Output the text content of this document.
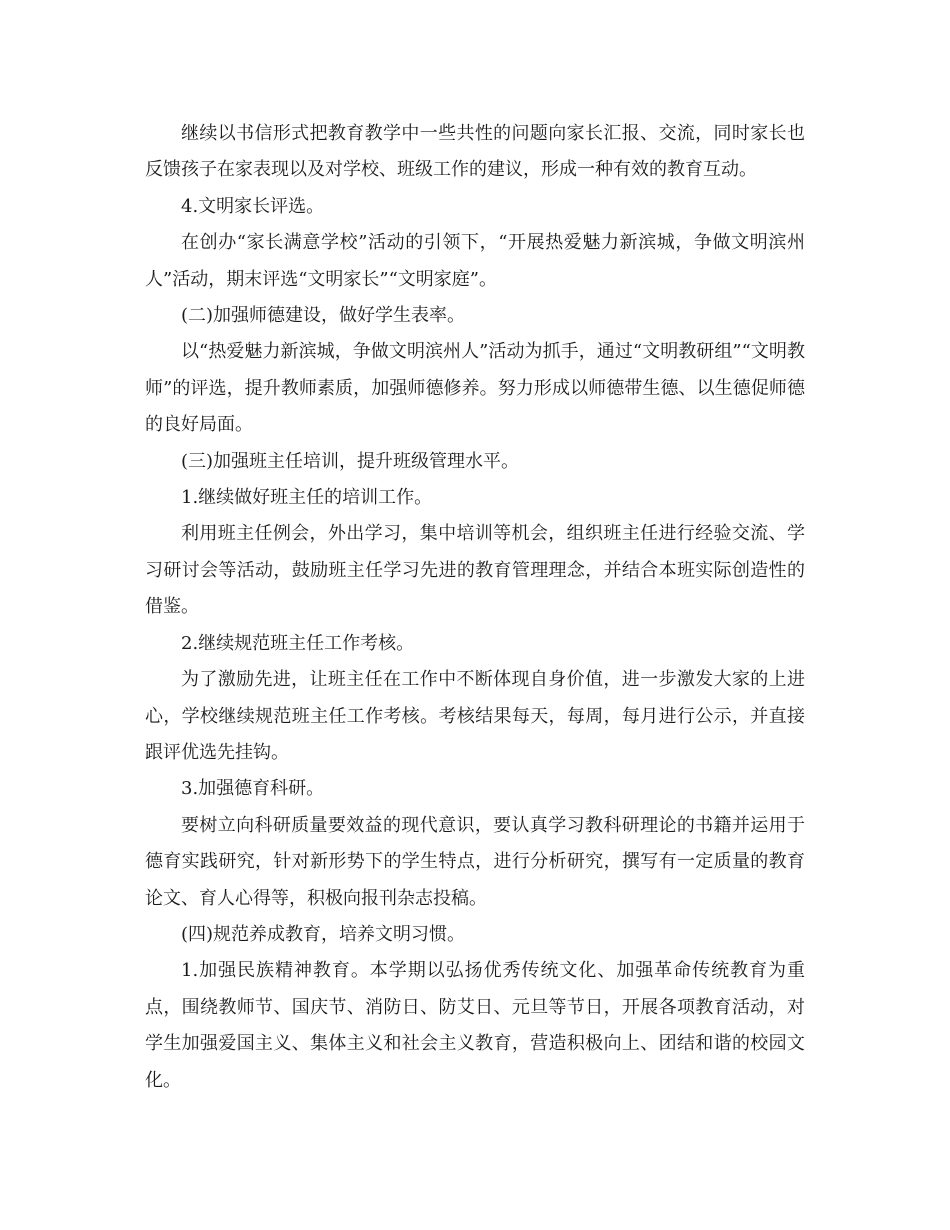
继续以书信形式把教育教学中一些共性的问题向家长汇报、交流，同时家长也反馈孩子在家表现以及对学校、班级工作的建议，形成一种有效的教育互动。

4.文明家长评选。

在创办“家长满意学校”活动的引领下，“开展热爱魅力新滨城，争做文明滨州人”活动，期末评选“文明家长”“文明家庭”。

(二)加强师德建设，做好学生表率。

以“热爱魅力新滨城，争做文明滨州人”活动为抓手，通过“文明教研组”“文明教师”的评选，提升教师素质，加强师德修养。努力形成以师德带生德、以生德促师德的良好局面。

(三)加强班主任培训，提升班级管理水平。

1.继续做好班主任的培训工作。

利用班主任例会，外出学习，集中培训等机会，组织班主任进行经验交流、学习研讨会等活动，鼓励班主任学习先进的教育管理理念，并结合本班实际创造性的借鉴。

2.继续规范班主任工作考核。

为了激励先进，让班主任在工作中不断体现自身价值，进一步激发大家的上进心，学校继续规范班主任工作考核。考核结果每天，每周，每月进行公示，并直接跟评优选先挂钩。

3.加强德育科研。

要树立向科研质量要效益的现代意识，要认真学习教科研理论的书籍并运用于德育实践研究，针对新形势下的学生特点，进行分析研究，撰写有一定质量的教育论文、育人心得等，积极向报刊杂志投稿。

(四)规范养成教育，培养文明习惯。

1.加强民族精神教育。本学期以弘扬优秀传统文化、加强革命传统教育为重点，围绕教师节、国庆节、消防日、防艾日、元旦等节日，开展各项教育活动，对学生加强爱国主义、集体主义和社会主义教育，营造积极向上、团结和谐的校园文化。
